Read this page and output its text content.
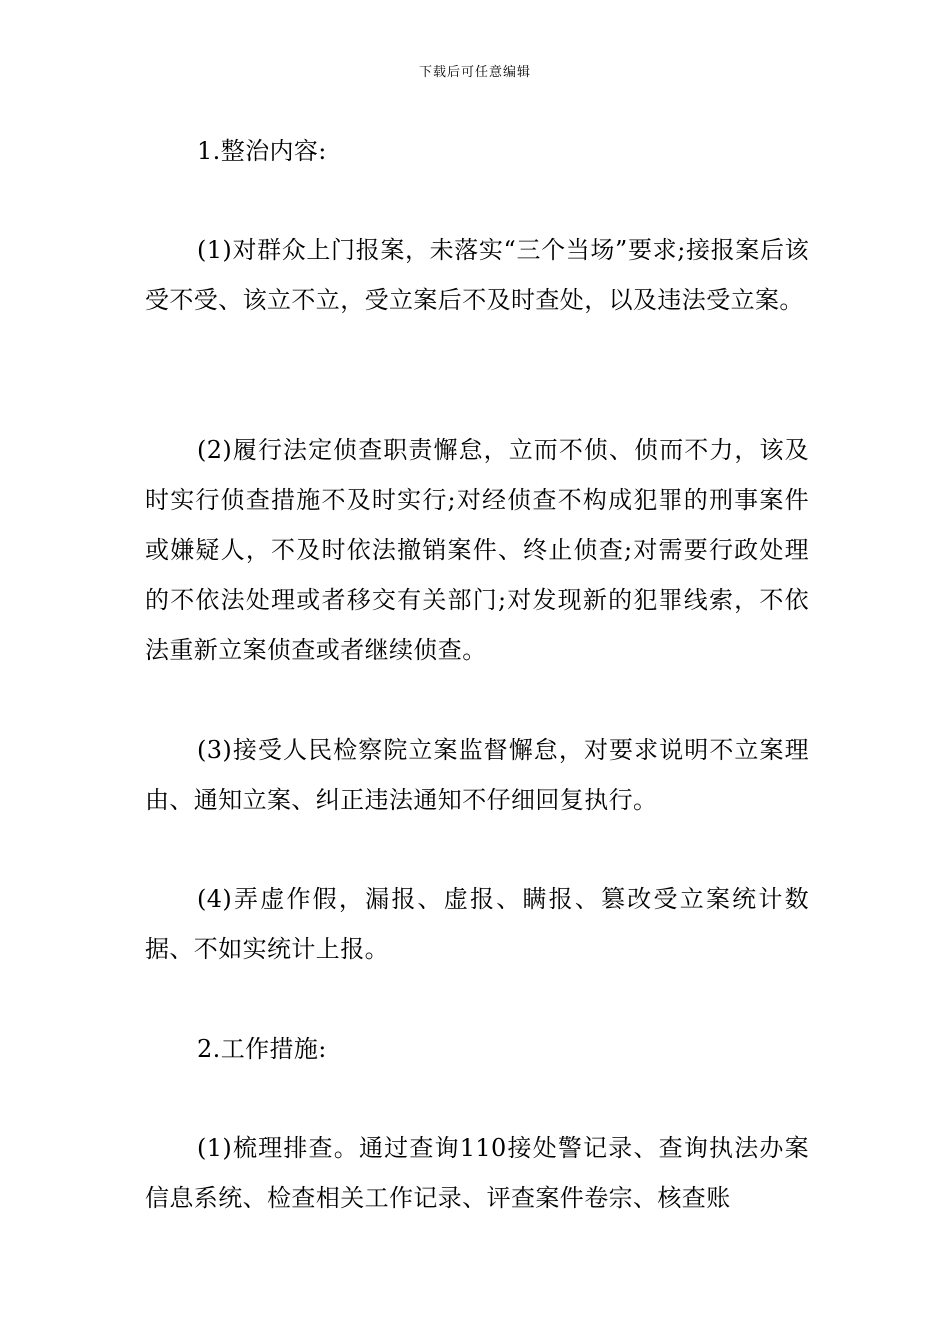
下载后可任意编辑

1.整治内容:

(1)对群众上门报案，未落实“三个当场”要求;接报案后该受不受、该立不立，受立案后不及时查处，以及违法受立案。

(2)履行法定侦查职责懈怠，立而不侦、侦而不力，该及时实行侦查措施不及时实行;对经侦查不构成犯罪的刑事案件或嫌疑人，不及时依法撤销案件、终止侦查;对需要行政处理的不依法处理或者移交有关部门;对发现新的犯罪线索，不依法重新立案侦查或者继续侦查。

(3)接受人民检察院立案监督懈怠，对要求说明不立案理由、通知立案、纠正违法通知不仔细回复执行。

(4)弄虚作假，漏报、虚报、瞒报、篡改受立案统计数据、不如实统计上报。

2.工作措施:

(1)梳理排查。通过查询110接处警记录、查询执法办案信息系统、检查相关工作记录、评查案件卷宗、核查账
